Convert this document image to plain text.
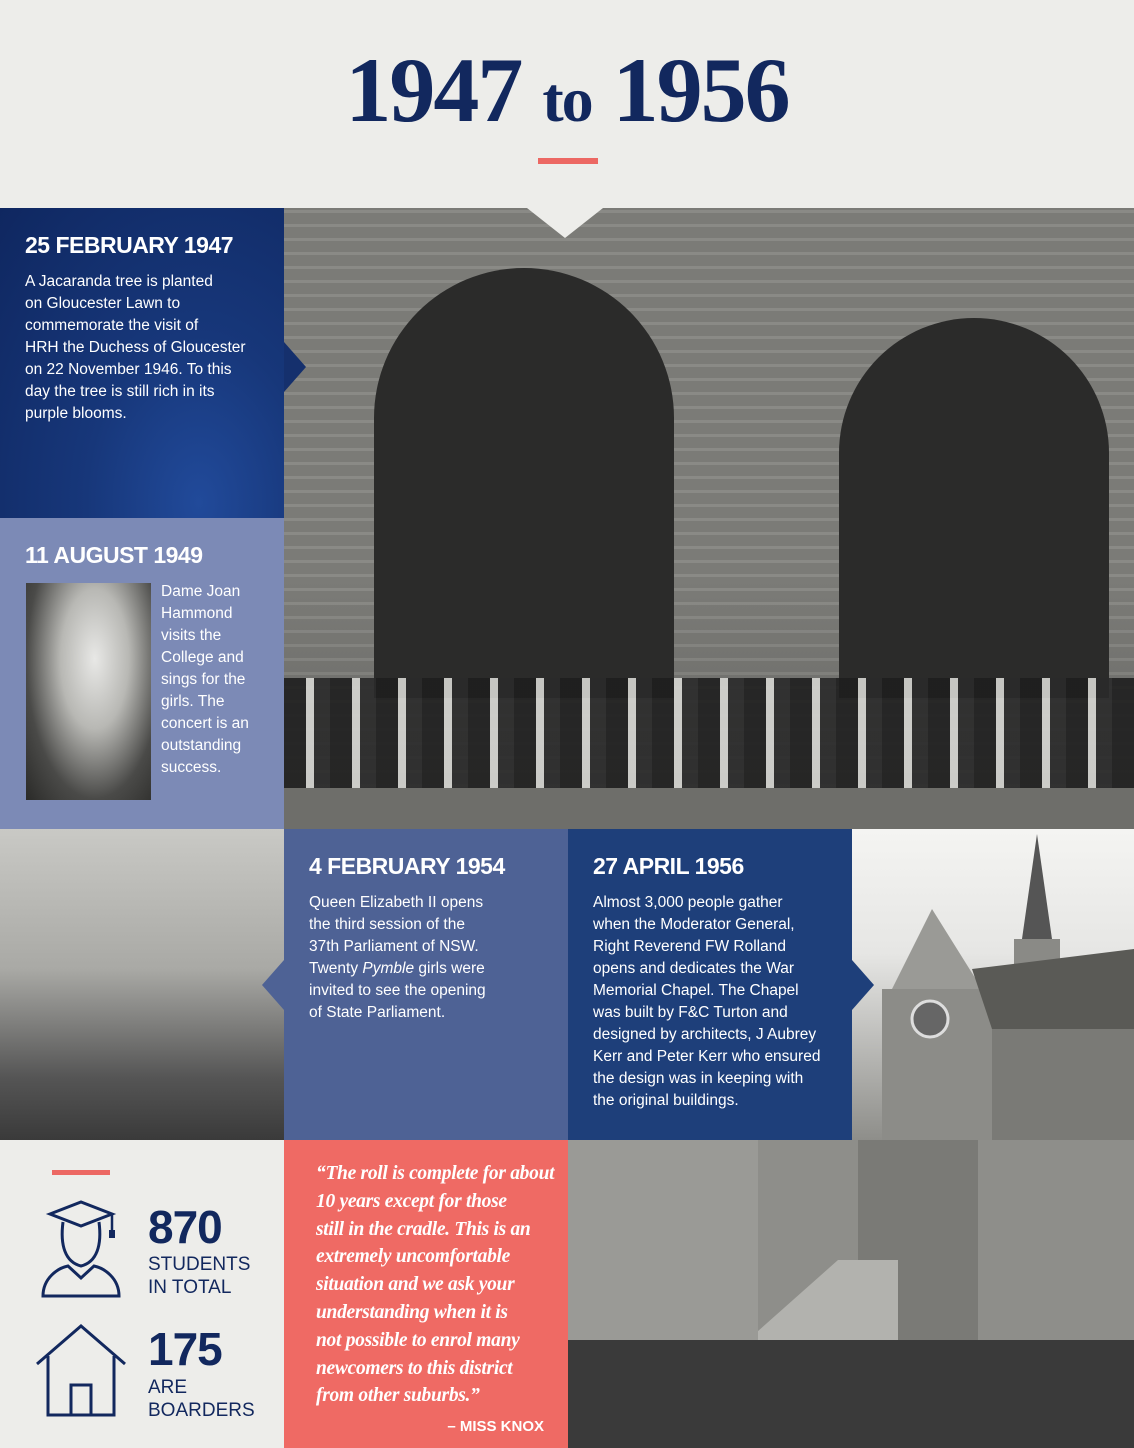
1947 to 1956
25 FEBRUARY 1947
A Jacaranda tree is planted
on Gloucester Lawn to
commemorate the visit of
HRH the Duchess of Gloucester
on 22 November 1946. To this
day the tree is still rich in its
purple blooms.
11 AUGUST 1949
Dame Joan
Hammond
visits the
College and
sings for the
girls. The
concert is an
outstanding
success.
4 FEBRUARY 1954
Queen Elizabeth II opens
the third session of the
37th Parliament of NSW.
Twenty Pymble girls were
invited to see the opening
of State Parliament.
27 APRIL 1956
Almost 3,000 people gather
when the Moderator General,
Right Reverend FW Rolland
opens and dedicates the War
Memorial Chapel. The Chapel
was built by F&C Turton and
designed by architects, J Aubrey
Kerr and Peter Kerr who ensured
the design was in keeping with
the original buildings.
870
STUDENTS
IN TOTAL
175
ARE
BOARDERS
“The roll is complete for about
10 years except for those
still in the cradle. This is an
extremely uncomfortable
situation and we ask your
understanding when it is
not possible to enrol many
newcomers to this district
from other suburbs.”
– MISS KNOX
